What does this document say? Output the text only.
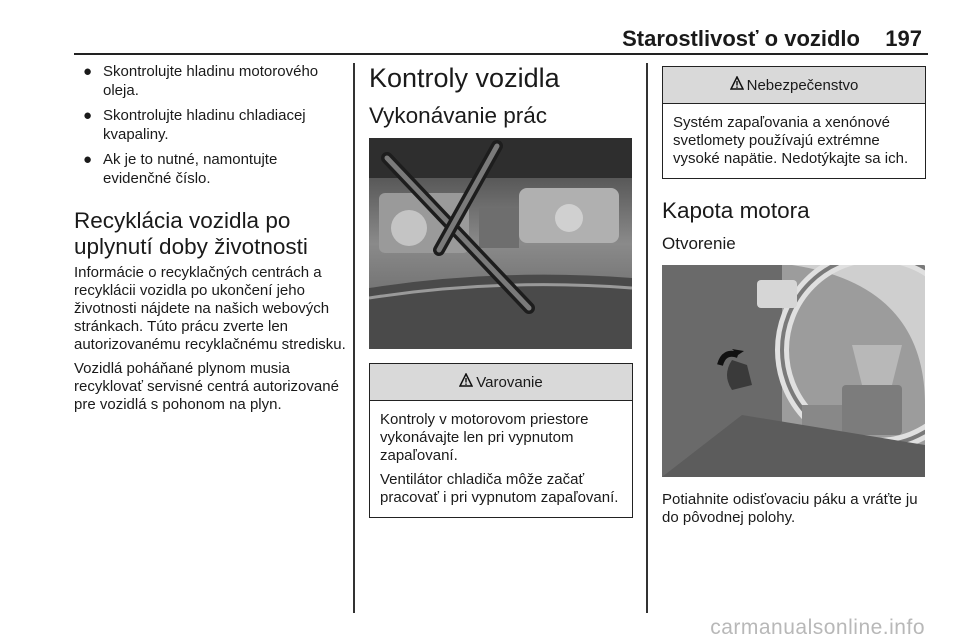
Starostlivosť o vozidlo 197
● Skontrolujte hladinu motorového oleja.
● Skontrolujte hladinu chladiacej kvapaliny.
● Ak je to nutné, namontujte evidenčné číslo.
Recyklácia vozidla po uplynutí doby životnosti

Informácie o recyklačných centrách a recyklácii vozidla po ukončení jeho životnosti nájdete na našich webových stránkach. Túto prácu zverte len autorizovanému recyklačnému stredisku.

Vozidlá poháňané plynom musia recyklovať servisné centrá autorizované pre vozidlá s pohonom na plyn.

Kontroly vozidla
Vykonávanie prác
Varovanie

Kontroly v motorovom priestore vykonávajte len pri vypnutom zapaľovaní.

Ventilátor chladiča môže začať pracovať i pri vypnutom zapaľovaní.

Nebezpečenstvo

Systém zapaľovania a xenónové svetlomety používajú extrémne vysoké napätie. Nedotýkajte sa ich.

Kapota motora
Otvorenie

Potiahnite odisťovaciu páku a vráťte ju do pôvodnej polohy.

carmanualsonline.info
